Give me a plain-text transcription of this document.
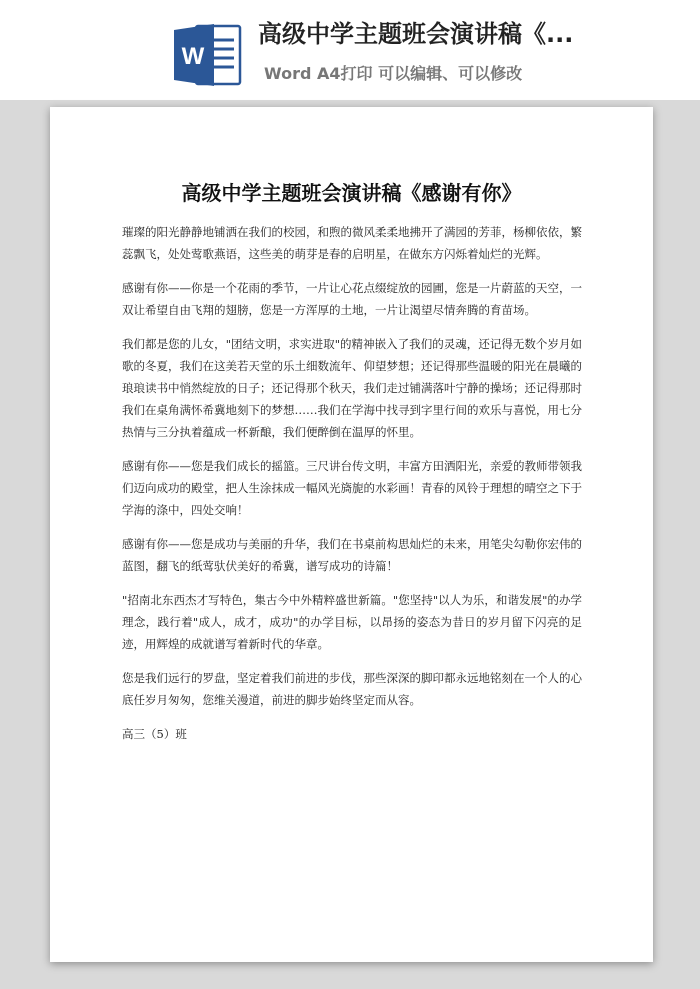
W
高级中学主题班会演讲稿《...
Word A4打印 可以编辑、可以修改
高级中学主题班会演讲稿《感谢有你》

璀璨的阳光静静地铺洒在我们的校园，和煦的微风柔柔地拂开了满园的芳菲，杨柳依依，繁蕊飘飞，处处莺歌燕语，这些美的萌芽是春的启明星，在做东方闪烁着灿烂的光辉。

感谢有你——你是一个花雨的季节，一片让心花点缀绽放的园圃，您是一片蔚蓝的天空，一双让希望自由飞翔的翅膀，您是一方浑厚的土地，一片让渴望尽情奔腾的育苗场。

我们都是您的儿女，"团结文明，求实进取"的精神嵌入了我们的灵魂，还记得无数个岁月如歌的冬夏，我们在这美若天堂的乐土细数流年、仰望梦想；还记得那些温暖的阳光在晨曦的琅琅读书中悄然绽放的日子；还记得那个秋天，我们走过铺满落叶宁静的操场；还记得那时我们在桌角满怀希冀地刻下的梦想……我们在学海中找寻到字里行间的欢乐与喜悦，用七分热情与三分执着蕴成一杯新酿，我们便醉倒在温厚的怀里。

感谢有你——您是我们成长的摇篮。三尺讲台传文明，丰富方田洒阳光，亲爱的教师带领我们迈向成功的殿堂，把人生涂抹成一幅风光旖旎的水彩画！青春的风铃于理想的晴空之下于学海的涤中，四处交响！

感谢有你——您是成功与美丽的升华，我们在书桌前构思灿烂的未来，用笔尖勾勒你宏伟的蓝图，翻飞的纸莺驮伏美好的希冀，谱写成功的诗篇！

"招南北东西杰才写特色，集古今中外精粹盛世新篇。"您坚持"以人为乐，和谐发展"的办学理念，践行着"成人，成才，成功"的办学目标，以昂扬的姿态为昔日的岁月留下闪亮的足迹，用辉煌的成就谱写着新时代的华章。

您是我们远行的罗盘，坚定着我们前进的步伐，那些深深的脚印都永远地铭刻在一个人的心底任岁月匆匆，您维关漫道，前进的脚步始终坚定而从容。

高三（5）班
